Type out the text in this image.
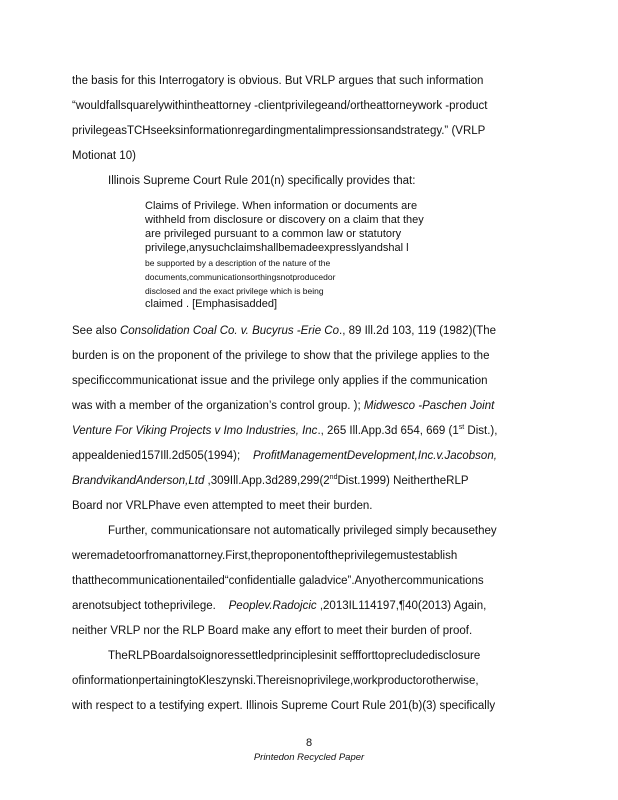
the basis for this Interrogatory is obvious. But VRLP argues that such information
“wouldfallsquarelywithintheattorney -clientprivilegeand/ortheattorneywork -product
privilegeasTCHseeksinformationregardingmentalimpressionsandstrategy.” (VRLP
Motionat 10)
Illinois Supreme Court Rule 201(n) specifically provides that:
Claims of Privilege. When information or documents are
withheld from disclosure or discovery on a claim that they
are privileged pursuant to a common law or statutory
privilege,anysuchclaimshallbemadeexpresslyandshal l
be supported by a description of the nature of the
documents,communicationsorthingsnotproducedor
disclosed and the exact privilege which is being
claimed . [Emphasisadded]
See also Consolidation Coal Co. v. Bucyrus -Erie Co., 89 Ill.2d 103, 119 (1982)(The
burden is on the proponent of the privilege to show that the privilege applies to the
specificcommunicationat issue and the privilege only applies if the communication
was with a member of the organization’s control group. ); Midwesco -Paschen Joint
Venture For Viking Projects v Imo Industries, Inc., 265 Ill.App.3d 654, 669 (1st Dist.),
appealdenied157Ill.2d505(1994); ProfitManagementDevelopment,Inc.v.Jacobson,
BrandvikandAnderson,Ltd ,309Ill.App.3d289,299(2ndDist.1999) NeithertheRLP
Board nor VRLPhave even attempted to meet their burden.
Further, communicationsare not automatically privileged simply becausethey
weremadetoorfromanattorney.First,theproponentoftheprivilegemustestablish
thatthecommunicationentailed“confidentialle galadvice”.Anyothercommunications
arenotsubject totheprivilege. Peoplev.Radojcic ,2013IL114197,¶40(2013) Again,
neither VRLP nor the RLP Board make any effort to meet their burden of proof.
TheRLPBoardalsoignoressettledprinciplesinit seffforttoprecludedisclosure
ofinformationpertainingtoKleszynski.Thereisnoprivilege,workproductorotherwise,
with respect to a testifying expert. Illinois Supreme Court Rule 201(b)(3) specifically
8
Printedon Recycled Paper
